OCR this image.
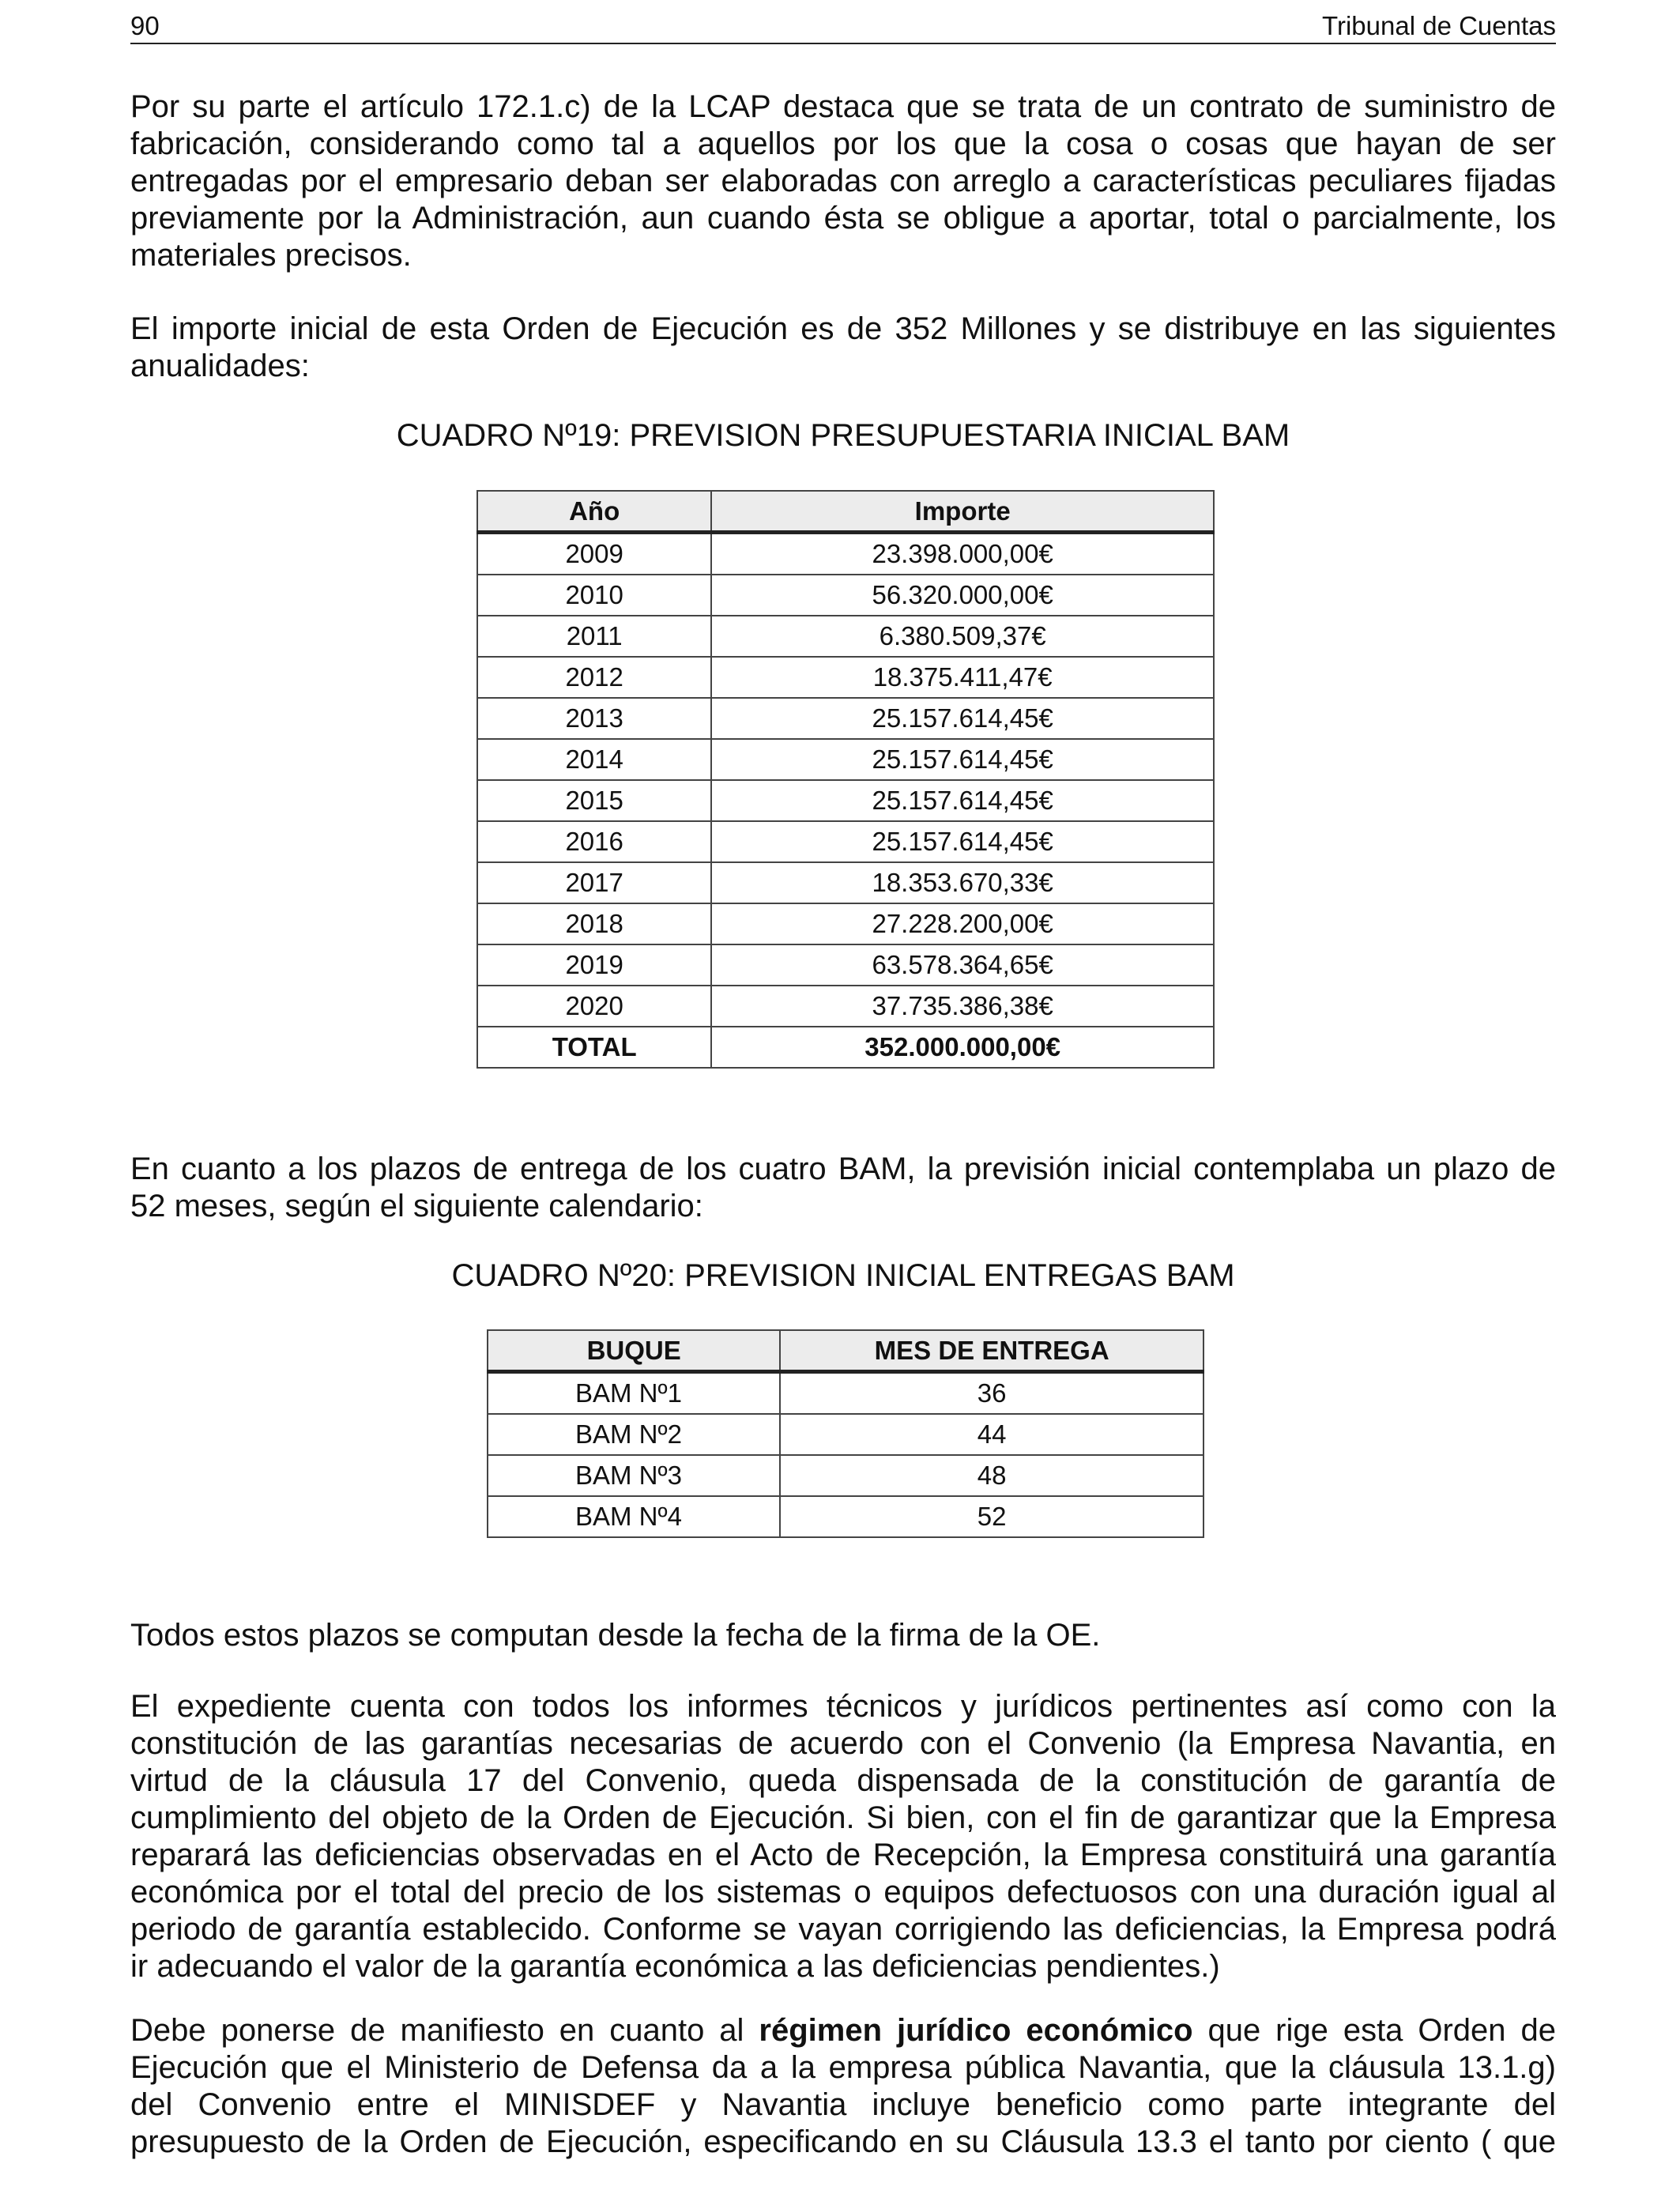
90	Tribunal de Cuentas

Por su parte el artículo 172.1.c) de la LCAP destaca que se trata de un contrato de suministro de
fabricación, considerando como tal a aquellos por los que la cosa o cosas que hayan de ser
entregadas por el empresario deban ser elaboradas con arreglo a características peculiares fijadas
previamente por la Administración, aun cuando ésta se obligue a aportar, total o parcialmente, los
materiales precisos.

El importe inicial de esta Orden de Ejecución es de 352 Millones y se distribuye en las siguientes
anualidades:

CUADRO Nº19: PREVISION PRESUPUESTARIA INICIAL BAM

Año	Importe
2009	23.398.000,00€
2010	56.320.000,00€
2011	6.380.509,37€
2012	18.375.411,47€
2013	25.157.614,45€
2014	25.157.614,45€
2015	25.157.614,45€
2016	25.157.614,45€
2017	18.353.670,33€
2018	27.228.200,00€
2019	63.578.364,65€
2020	37.735.386,38€
TOTAL	352.000.000,00€

En cuanto a los plazos de entrega de los cuatro BAM, la previsión inicial contemplaba un plazo de
52 meses, según el siguiente calendario:

CUADRO Nº20: PREVISION INICIAL ENTREGAS BAM

BUQUE	MES DE ENTREGA
BAM Nº1	36
BAM Nº2	44
BAM Nº3	48
BAM Nº4	52

Todos estos plazos se computan desde la fecha de la firma de la OE.

El expediente cuenta con todos los informes técnicos y jurídicos pertinentes así como con la
constitución de las garantías necesarias de acuerdo con el Convenio (la Empresa Navantia, en
virtud de la cláusula 17 del Convenio, queda dispensada de la constitución de garantía de
cumplimiento del objeto de la Orden de Ejecución. Si bien, con el fin de garantizar que la Empresa
reparará las deficiencias observadas en el Acto de Recepción, la Empresa constituirá una garantía
económica por el total del precio de los sistemas o equipos defectuosos con una duración igual al
periodo de garantía establecido. Conforme se vayan corrigiendo las deficiencias, la Empresa podrá
ir adecuando el valor de la garantía económica a las deficiencias pendientes.)

Debe ponerse de manifiesto en cuanto al régimen jurídico económico que rige esta Orden de
Ejecución que el Ministerio de Defensa da a la empresa pública Navantia, que la cláusula 13.1.g)
del Convenio entre el MINISDEF y Navantia incluye beneficio como parte integrante del
presupuesto de la Orden de Ejecución, especificando en su Cláusula 13.3 el tanto por ciento ( que
